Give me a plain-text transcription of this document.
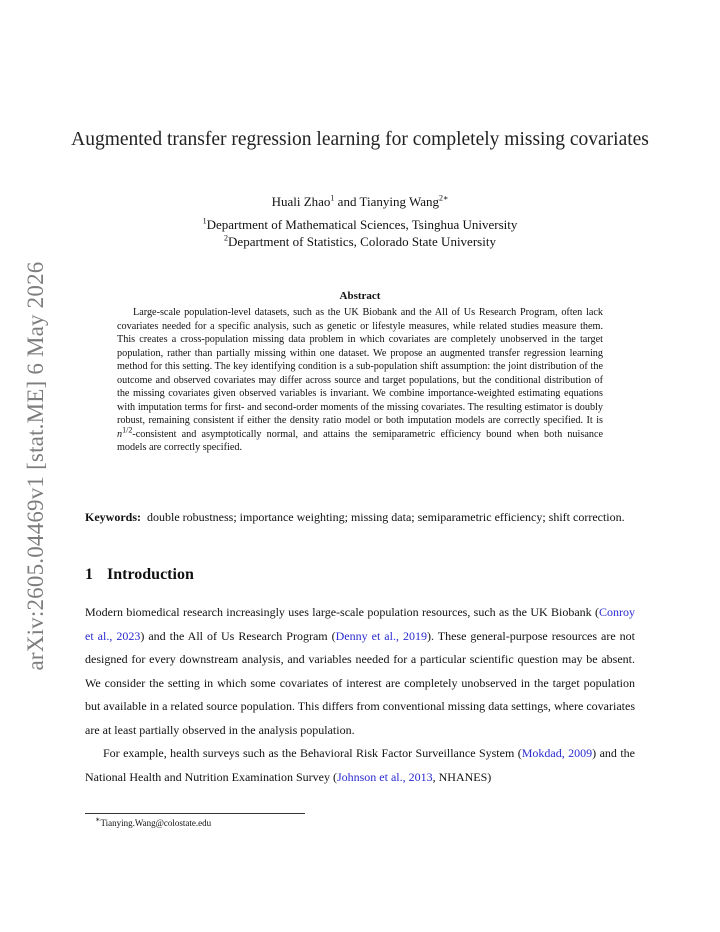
arXiv:2605.04469v1 [stat.ME] 6 May 2026
Augmented transfer regression learning for completely missing covariates
Huali Zhao$^1$ and Tianying Wang$^{2∗}$
$^1$Department of Mathematical Sciences, Tsinghua University
$^2$Department of Statistics, Colorado State University
Abstract
Large-scale population-level datasets, such as the UK Biobank and the All of Us Research Program, often lack covariates needed for a specific analysis, such as genetic or lifestyle measures, while related studies measure them. This creates a cross-population missing data problem in which covariates are completely unobserved in the target population, rather than partially missing within one dataset. We propose an augmented transfer regression learning method for this setting. The key identifying condition is a sub-population shift assumption: the joint distribution of the outcome and observed covariates may differ across source and target populations, but the conditional distribution of the missing covariates given observed variables is invariant. We combine importance-weighted estimating equations with imputation terms for first- and second-order moments of the missing covariates. The resulting estimator is doubly robust, remaining consistent if either the density ratio model or both imputation models are correctly specified. It is $n^{1/2}$-consistent and asymptotically normal, and attains the semiparametric efficiency bound when both nuisance models are correctly specified.
Keywords: double robustness; importance weighting; missing data; semiparametric efficiency; shift correction.
1 Introduction

Modern biomedical research increasingly uses large-scale population resources, such as the UK Biobank (Conroy et al., 2023) and the All of Us Research Program (Denny et al., 2019). These general-purpose resources are not designed for every downstream analysis, and variables needed for a particular scientific question may be absent. We consider the setting in which some covariates of interest are completely unobserved in the target population but available in a related source population. This differs from conventional missing data settings, where covariates are at least partially observed in the analysis population.

For example, health surveys such as the Behavioral Risk Factor Surveillance System (Mokdad, 2009) and the National Health and Nutrition Examination Survey (Johnson et al., 2013, NHANES)

∗Tianying.Wang@colostate.edu
